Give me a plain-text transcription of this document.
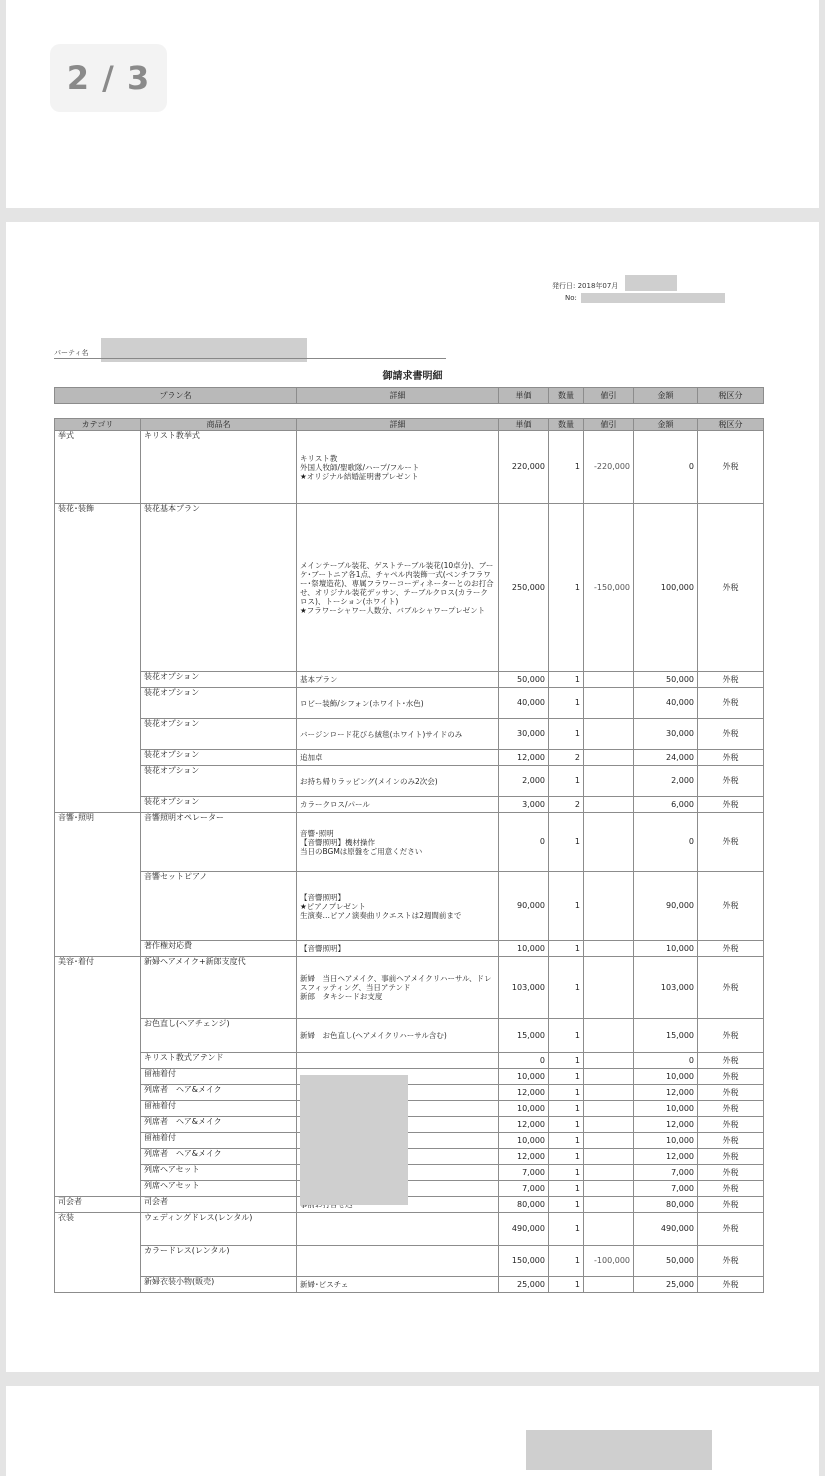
2 / 3
発行日: 2018年07月
No:
パーティ名
御請求書明細
プラン名	詳細	単価	数量	値引	金額	税区分
カテゴリ	商品名	詳細	単価	数量	値引	金額	税区分
挙式	キリスト教挙式	キリスト教
外国人牧師/聖歌隊/ハープ/フルート
★オリジナル結婚証明書プレゼント	220,000	1	-220,000	0	外税
装花･装飾	装花基本プラン	メインテーブル装花、ゲストテーブル装花(10卓分)、ブーケ･ブートニア各1点、チャペル内装飾一式(ベンチフラワー･祭壇造花)、専属フラワーコーディネーターとのお打合せ、オリジナル装花デッサン、テーブルクロス(カラークロス)、トーション(ホワイト)
★フラワーシャワー人数分、バブルシャワープレゼント	250,000	1	-150,000	100,000	外税
	装花オプション	基本プラン	50,000	1		50,000	外税
	装花オプション	ロビー装飾/シフォン(ホワイト･水色)	40,000	1		40,000	外税
	装花オプション	バージンロード花びら絨毯(ホワイト)サイドのみ	30,000	1		30,000	外税
	装花オプション	追加卓	12,000	2		24,000	外税
	装花オプション	お持ち帰りラッピング(メインのみ2次会)	2,000	1		2,000	外税
	装花オプション	カラークロス/パール	3,000	2		6,000	外税
音響･照明	音響照明オペレーター	音響･照明
【音響照明】機材操作
当日のBGMは原盤をご用意ください	0	1		0	外税
	音響セットピアノ	【音響照明】
★ピアノプレゼント
生演奏…ピアノ演奏曲リクエストは2週間前まで	90,000	1		90,000	外税
	著作権対応費	【音響照明】	10,000	1		10,000	外税
美容･着付	新婦ヘアメイク+新郎支度代	新婦　当日ヘアメイク、事前ヘアメイクリハーサル、ドレスフィッティング、当日アテンド
新郎　タキシードお支度	103,000	1		103,000	外税
	お色直し(ヘアチェンジ)	新婦　お色直し(ヘアメイクリハーサル含む)	15,000	1		15,000	外税
	キリスト教式アテンド		0	1		0	外税
	留袖着付		10,000	1		10,000	外税
	列席者　ヘア&メイク		12,000	1		12,000	外税
	留袖着付		10,000	1		10,000	外税
	列席者　ヘア&メイク		12,000	1		12,000	外税
	留袖着付		10,000	1		10,000	外税
	列席者　ヘア&メイク		12,000	1		12,000	外税
	列席ヘアセット		7,000	1		7,000	外税
	列席ヘアセット		7,000	1		7,000	外税
司会者	司会者		80,000	1		80,000	外税
衣装	ウェディングドレス(レンタル)		490,000	1		490,000	外税
	カラードレス(レンタル)		150,000	1	-100,000	50,000	外税
	新婦衣装小物(販売)	新婦･ビスチェ	25,000	1		25,000	外税
